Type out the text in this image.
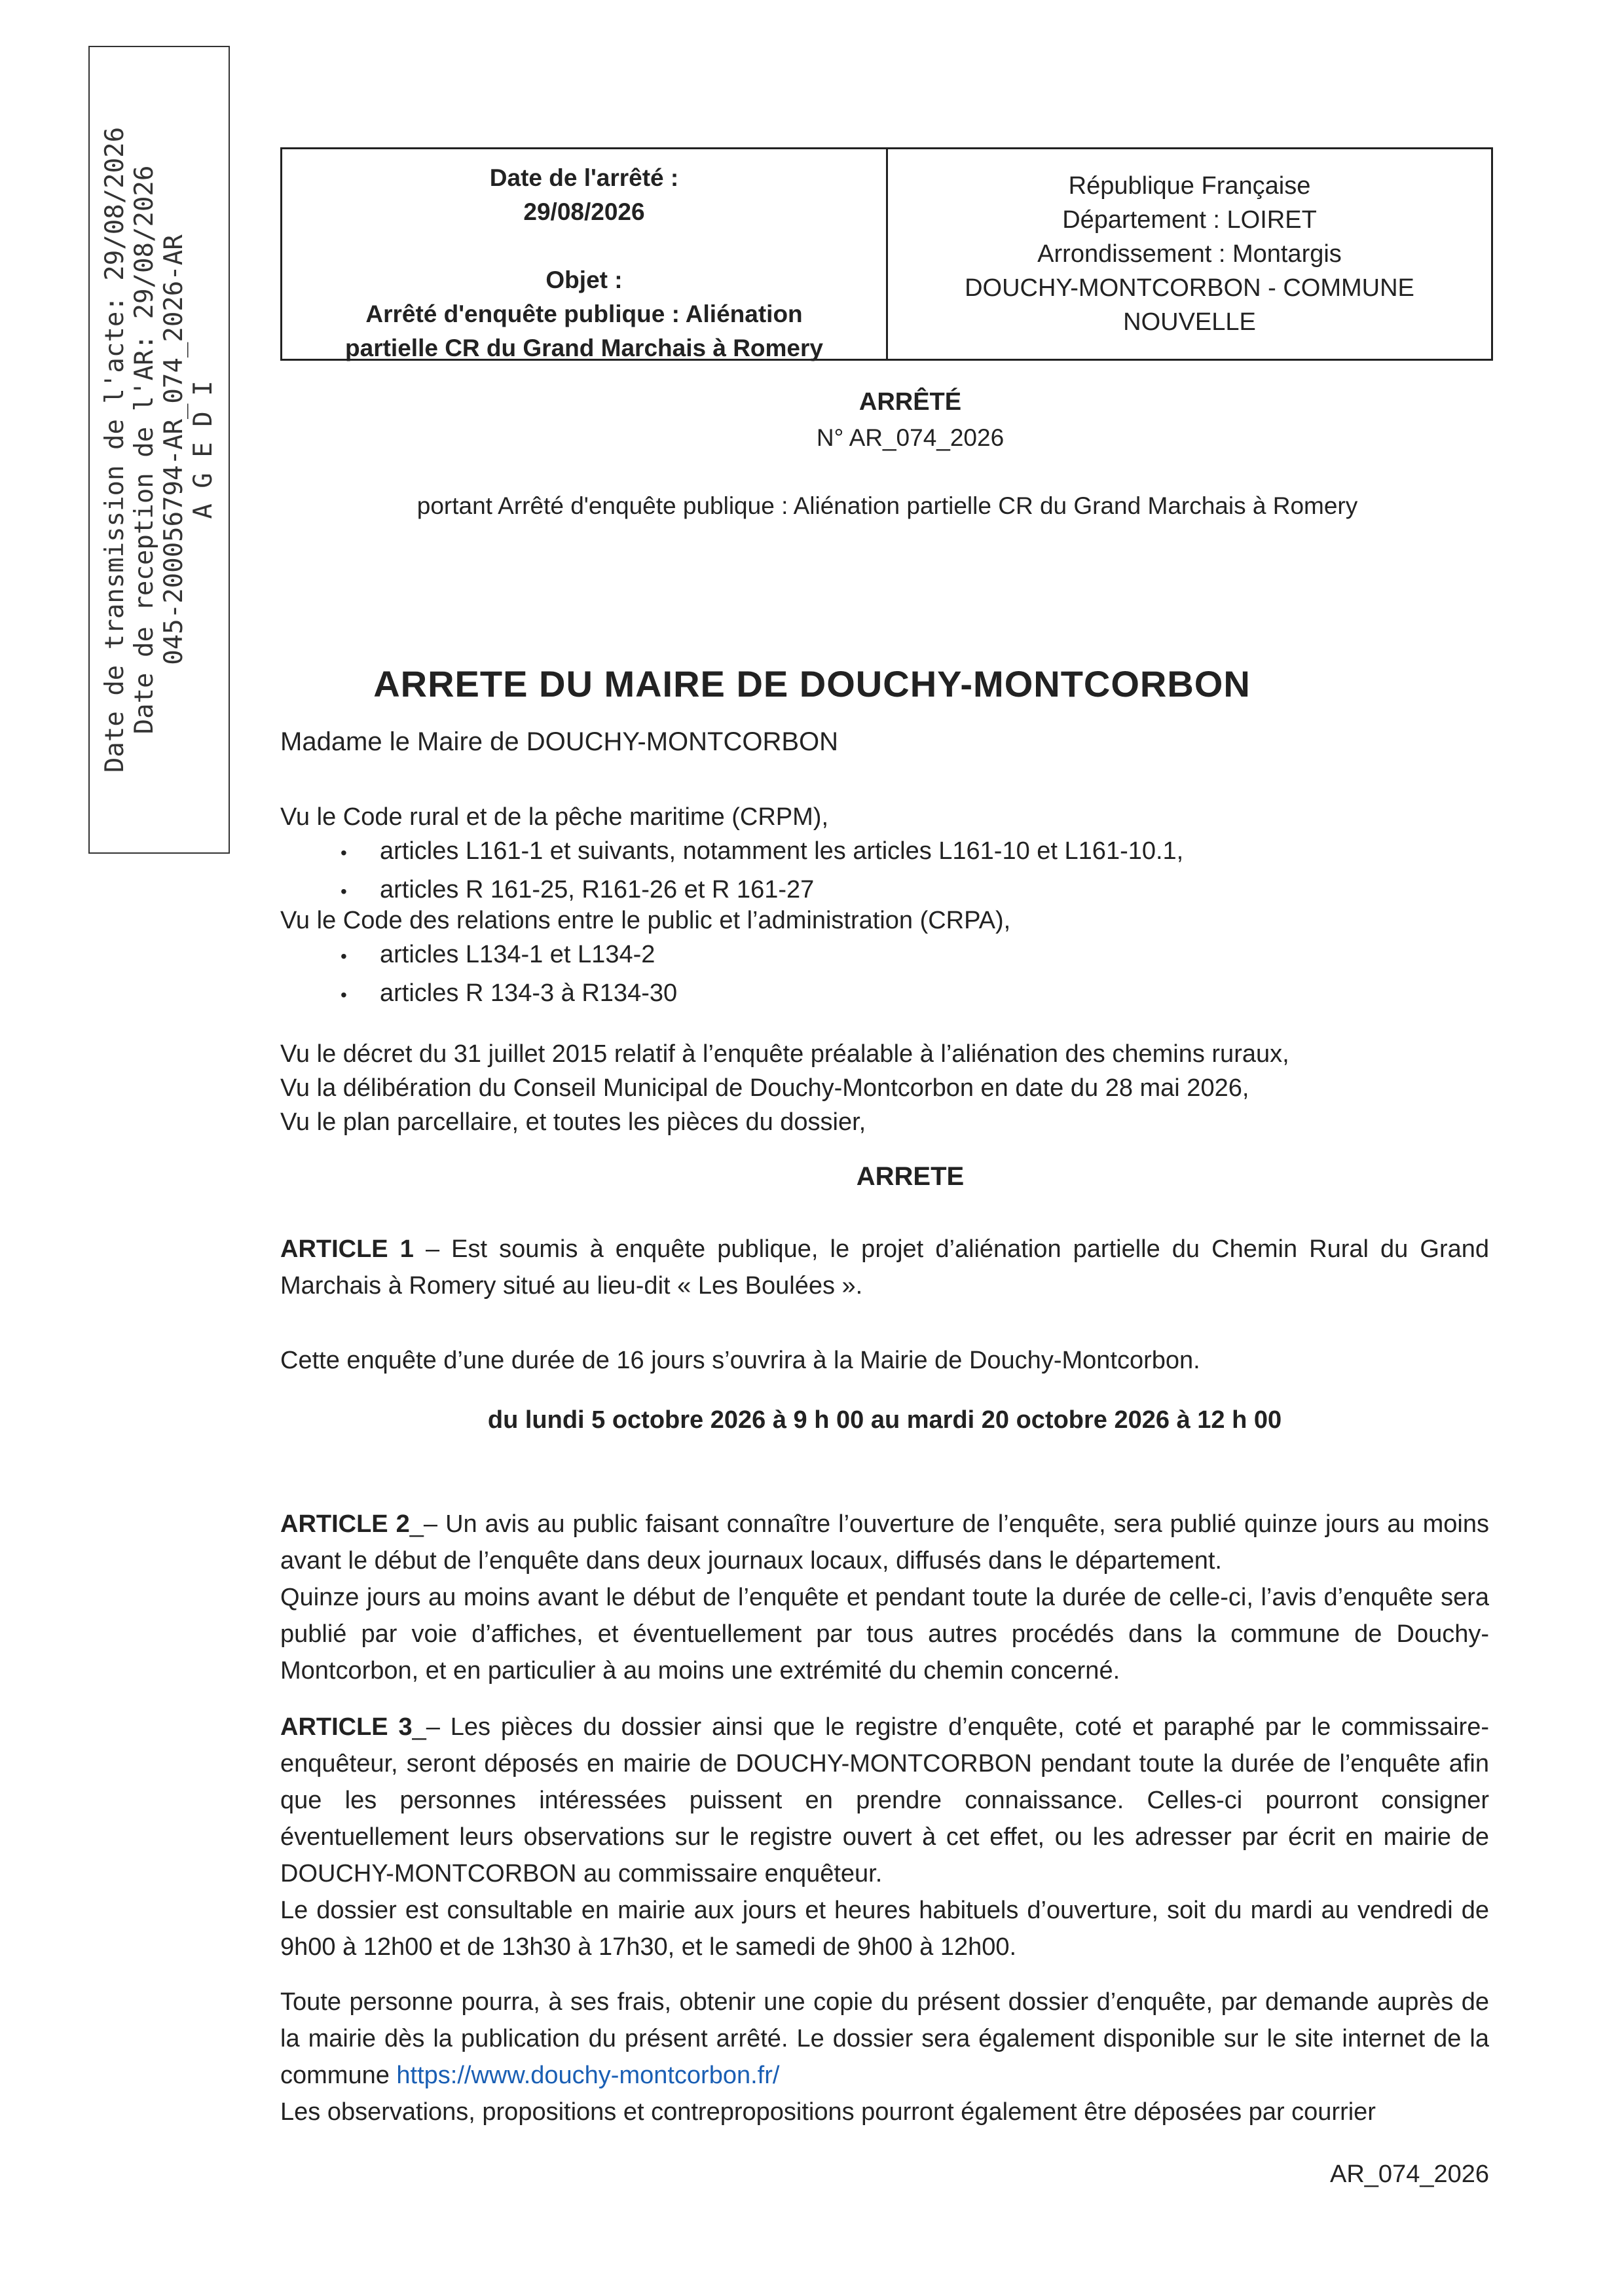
Date de transmission de l'acte: 29/08/2026 Date de reception de l'AR: 29/08/2026 045-200056794-AR_074_2026-AR A G E D I
Date de l'arrêté :
29/08/2026
Objet :
Arrêté d'enquête publique : Aliénation
partielle CR du Grand Marchais à Romery
République Française
Département : LOIRET
Arrondissement : Montargis
DOUCHY-MONTCORBON - COMMUNE
NOUVELLE
ARRÊTÉ
N° AR_074_2026
portant Arrêté d'enquête publique : Aliénation partielle CR du Grand Marchais à Romery
ARRETE DU MAIRE DE DOUCHY-MONTCORBON
Madame le Maire de DOUCHY-MONTCORBON
Vu le Code rural et de la pêche maritime (CRPM),
• articles L161-1 et suivants, notamment les articles L161-10 et L161-10.1,
• articles R 161-25, R161-26 et R 161-27
Vu le Code des relations entre le public et l’administration (CRPA),
• articles L134-1 et L134-2
• articles R 134-3 à R134-30
Vu le décret du 31 juillet 2015 relatif à l’enquête préalable à l’aliénation des chemins ruraux,
Vu la délibération du Conseil Municipal de Douchy-Montcorbon en date du 28 mai 2026,
Vu le plan parcellaire, et toutes les pièces du dossier,
ARRETE
ARTICLE 1 – Est soumis à enquête publique, le projet d’aliénation partielle du Chemin Rural du Grand Marchais à Romery situé au lieu-dit « Les Boulées ».
Cette enquête d’une durée de 16 jours s’ouvrira à la Mairie de Douchy-Montcorbon.
du lundi 5 octobre 2026 à 9 h 00 au mardi 20 octobre 2026 à 12 h 00
ARTICLE 2_– Un avis au public faisant connaître l’ouverture de l’enquête, sera publié quinze jours au moins avant le début de l’enquête dans deux journaux locaux, diffusés dans le département.
Quinze jours au moins avant le début de l’enquête et pendant toute la durée de celle-ci, l’avis d’enquête sera publié par voie d’affiches, et éventuellement par tous autres procédés dans la commune de Douchy-Montcorbon, et en particulier à au moins une extrémité du chemin concerné.
ARTICLE 3_– Les pièces du dossier ainsi que le registre d’enquête, coté et paraphé par le commissaire-enquêteur, seront déposés en mairie de DOUCHY-MONTCORBON pendant toute la durée de l’enquête afin que les personnes intéressées puissent en prendre connaissance. Celles-ci pourront consigner éventuellement leurs observations sur le registre ouvert à cet effet, ou les adresser par écrit en mairie de DOUCHY-MONTCORBON au commissaire enquêteur.
Le dossier est consultable en mairie aux jours et heures habituels d’ouverture, soit du mardi au vendredi de 9h00 à 12h00 et de 13h30 à 17h30, et le samedi de 9h00 à 12h00.
Toute personne pourra, à ses frais, obtenir une copie du présent dossier d’enquête, par demande auprès de la mairie dès la publication du présent arrêté. Le dossier sera également disponible sur le site internet de la commune https://www.douchy-montcorbon.fr/
Les observations, propositions et contrepropositions pourront également être déposées par courrier
AR_074_2026
